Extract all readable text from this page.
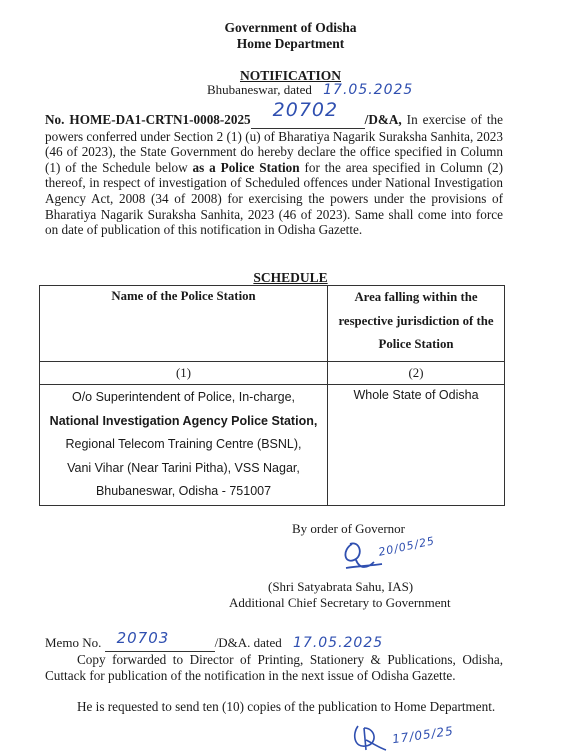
Government of Odisha
Home Department
NOTIFICATION
Bhubaneswar, dated 17.05.2025
No. HOME-DA1-CRTN1-0008-2025 20702 /D&A, In exercise of the powers conferred under Section 2 (1) (u) of Bharatiya Nagarik Suraksha Sanhita, 2023 (46 of 2023), the State Government do hereby declare the office specified in Column (1) of the Schedule below as a Police Station for the area specified in Column (2) thereof, in respect of investigation of Scheduled offences under National Investigation Agency Act, 2008 (34 of 2008) for exercising the powers under the provisions of Bharatiya Nagarik Suraksha Sanhita, 2023 (46 of 2023). Same shall come into force on date of publication of this notification in Odisha Gazette.
SCHEDULE
Name of the Police Station	Area falling within the
respective jurisdiction of the
Police Station

(1)	(2)

O/o Superintendent of Police, In-charge,
National Investigation Agency Police Station,
Regional Telecom Training Centre (BSNL),
Vani Vihar (Near Tarini Pitha), VSS Nagar,
Bhubaneswar, Odisha - 751007	Whole State of Odisha
By order of Governor
20/05/25
(Shri Satyabrata Sahu, IAS)
Additional Chief Secretary to Government
Memo No. 20703	/D&A. dated 17.05.2025
Copy forwarded to Director of Printing, Stationery & Publications, Odisha, Cuttack for publication of the notification in the next issue of Odisha Gazette.
He is requested to send ten (10) copies of the publication to Home Department.
17/05/25
